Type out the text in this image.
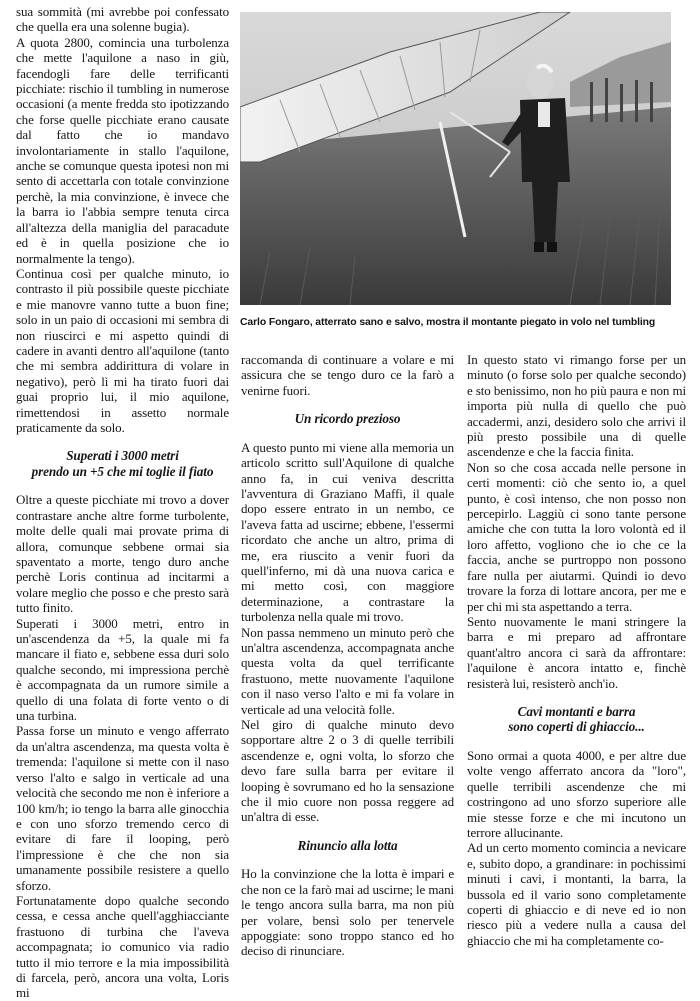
sua sommità (mi avrebbe poi confessato che quella era una solenne bugia).

A quota 2800, comincia una turbolenza che mette l'aquilone a naso in giù, facendogli fare delle terrificanti picchiate: rischio il tumbling in numerose occasioni (a mente fredda sto ipotizzando che forse quelle picchiate erano causate dal fatto che io mandavo involontariamente in stallo l'aquilone, anche se comunque questa ipotesi non mi sento di accettarla con totale convinzione perchè, la mia convinzione, è invece che la barra io l'abbia sempre tenuta circa all'altezza della maniglia del paracadute ed è in quella posizione che io normalmente la tengo).

Continua così per qualche minuto, io contrasto il più possibile queste picchiate e mie manovre vanno tutte a buon fine; solo in un paio di occasioni mi sembra di non riuscirci e mi aspetto quindi di cadere in avanti dentro all'aquilone (tanto che mi sembra addirittura di volare in negativo), però lì mi ha tirato fuori dai guai proprio lui, il mio aquilone, rimettendosi in assetto normale praticamente da solo.

Superati i 3000 metri
prendo un +5 che mi toglie il fiato

Oltre a queste picchiate mi trovo a dover contrastare anche altre forme turbolente, molte delle quali mai provate prima di allora, comunque sebbene ormai sia spaventato a morte, tengo duro anche perchè Loris continua ad incitarmi a volare meglio che posso e che presto sarà tutto finito.

Superati i 3000 metri, entro in un'ascendenza da +5, la quale mi fa mancare il fiato e, sebbene essa duri solo qualche secondo, mi impressiona perchè è accompagnata da un rumore simile a quello di una folata di forte vento o di una turbina.

Passa forse un minuto e vengo afferrato da un'altra ascendenza, ma questa volta è tremenda: l'aquilone si mette con il naso verso l'alto e salgo in verticale ad una velocità che secondo me non è inferiore a 100 km/h; io tengo la barra alle ginocchia e con uno sforzo tremendo cerco di evitare di fare il looping, però l'impressione è che che non sia umanamente possibile resistere a quello sforzo.

Fortunatamente dopo qualche secondo cessa, e cessa anche quell'agghiacciante frastuono di turbina che l'aveva accompagnata; io comunico via radio tutto il mio terrore e la mia impossibilità di farcela, però, ancora una volta, Loris mi

Carlo Fongaro, atterrato sano e salvo, mostra il montante piegato in volo nel tumbling

raccomanda di continuare a volare e mi assicura che se tengo duro ce la farò a venirne fuori.

Un ricordo prezioso

A questo punto mi viene alla memoria un articolo scritto sull'Aquilone di qualche anno fa, in cui veniva descritta l'avventura di Graziano Maffi, il quale dopo essere entrato in un nembo, ce l'aveva fatta ad uscirne; ebbene, l'essermi ricordato che anche un altro, prima di me, era riuscito a venir fuori da quell'inferno, mi dà una nuova carica e mi metto così, con maggiore determinazione, a contrastare la turbolenza nella quale mi trovo.

Non passa nemmeno un minuto però che un'altra ascendenza, accompagnata anche questa volta da quel terrificante frastuono, mette nuovamente l'aquilone con il naso verso l'alto e mi fa volare in verticale ad una velocità folle.

Nel giro di qualche minuto devo sopportare altre 2 o 3 di quelle terribili ascendenze e, ogni volta, lo sforzo che devo fare sulla barra per evitare il looping è sovrumano ed ho la sensazione che il mio cuore non possa reggere ad un'altra di esse.

Rinuncio alla lotta

Ho la convinzione che la lotta è impari e che non ce la farò mai ad uscirne; le mani le tengo ancora sulla barra, ma non più per volare, bensì solo per tenervele appoggiate: sono troppo stanco ed ho deciso di rinunciare.

In questo stato vi rimango forse per un minuto (o forse solo per qualche secondo) e sto benissimo, non ho più paura e non mi importa più nulla di quello che può accadermi, anzi, desidero solo che arrivi il più presto possibile una di quelle ascendenze e che la faccia finita.

Non so che cosa accada nelle persone in certi momenti: ciò che sento io, a quel punto, è così intenso, che non posso non percepirlo. Laggiù ci sono tante persone amiche che con tutta la loro volontà ed il loro affetto, vogliono che io che ce la faccia, anche se purtroppo non possono fare nulla per aiutarmi. Quindi io devo trovare la forza di lottare ancora, per me e per chi mi sta aspettando a terra.

Sento nuovamente le mani stringere la barra e mi preparo ad affrontare quant'altro ancora ci sarà da affrontare: l'aquilone è ancora intatto e, finchè resisterà lui, resisterò anch'io.

Cavi montanti e barra
sono coperti di ghiaccio...

Sono ormai a quota 4000, e per altre due volte vengo afferrato ancora da "loro", quelle terribili ascendenze che mi costringono ad uno sforzo superiore alle mie stesse forze e che mi incutono un terrore allucinante.

Ad un certo momento comincia a nevicare e, subito dopo, a grandinare: in pochissimi minuti i cavi, i montanti, la barra, la bussola ed il vario sono completamente coperti di ghiaccio e di neve ed io non riesco più a vedere nulla a causa del ghiaccio che mi ha completamente co-
